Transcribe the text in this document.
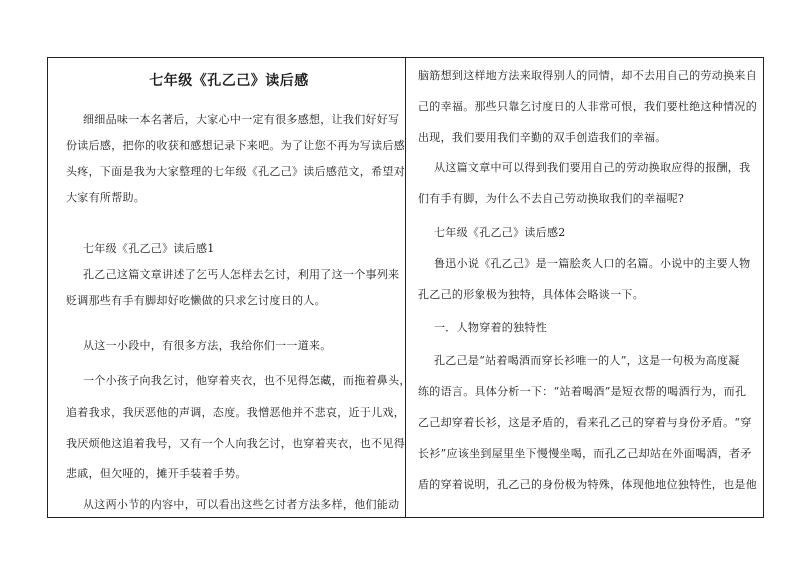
七年级《孔乙己》读后感
细细品味一本名著后，大家心中一定有很多感想，让我们好好写
份读后感，把你的收获和感想记录下来吧。为了让您不再为写读后感
头疼，下面是我为大家整理的七年级《孔乙己》读后感范文，希望对
大家有所帮助。
七年级《孔乙己》读后感1
孔乙己这篇文章讲述了乞丐人怎样去乞讨，利用了这一个事列来
贬调那些有手有脚却好吃懒做的只求乞讨度日的人。
从这一小段中，有很多方法，我给你们一一道来。
一个小孩子向我乞讨，他穿着夹衣，也不见得怎藏，而拖着鼻头，
追着我求，我厌恶他的声调，态度。我憎恶他并不悲哀，近于儿戏，
我厌烦他这追着我号，又有一个人向我乞讨，也穿着夹衣，也不见得
悲戚，但欠哑的，摊开手装着手势。
从这两小节的内容中，可以看出这些乞讨者方法多样，他们能动
脑筋想到这样地方法来取得别人的同情，却不去用自己的劳动换来自
己的幸福。那些只靠乞讨度日的人非常可恨，我们要杜绝这种情况的
出现，我们要用我们辛勤的双手创造我们的幸福。
从这篇文章中可以得到我们要用自己的劳动换取应得的报酬，我
们有手有脚，为什么不去自己劳动换取我们的幸福呢?
七年级《孔乙己》读后感2
鲁迅小说《孔乙己》是一篇脍炙人口的名篇。小说中的主要人物
孔乙己的形象极为独特，具体体会略谈一下。
一．人物穿着的独特性
孔乙己是“站着喝酒而穿长衫唯一的人”，这是一句极为高度凝
练的语言。具体分析一下：“站着喝酒”是短衣帮的喝酒行为，而孔
乙己却穿着长衫，这是矛盾的，看来孔乙己的穿着与身份矛盾。“穿
长衫”应该坐到屋里坐下慢慢坐喝，而孔乙己却站在外面喝酒，者矛
盾的穿着说明，孔乙己的身份极为特殊，体现他地位独特性，也是他
